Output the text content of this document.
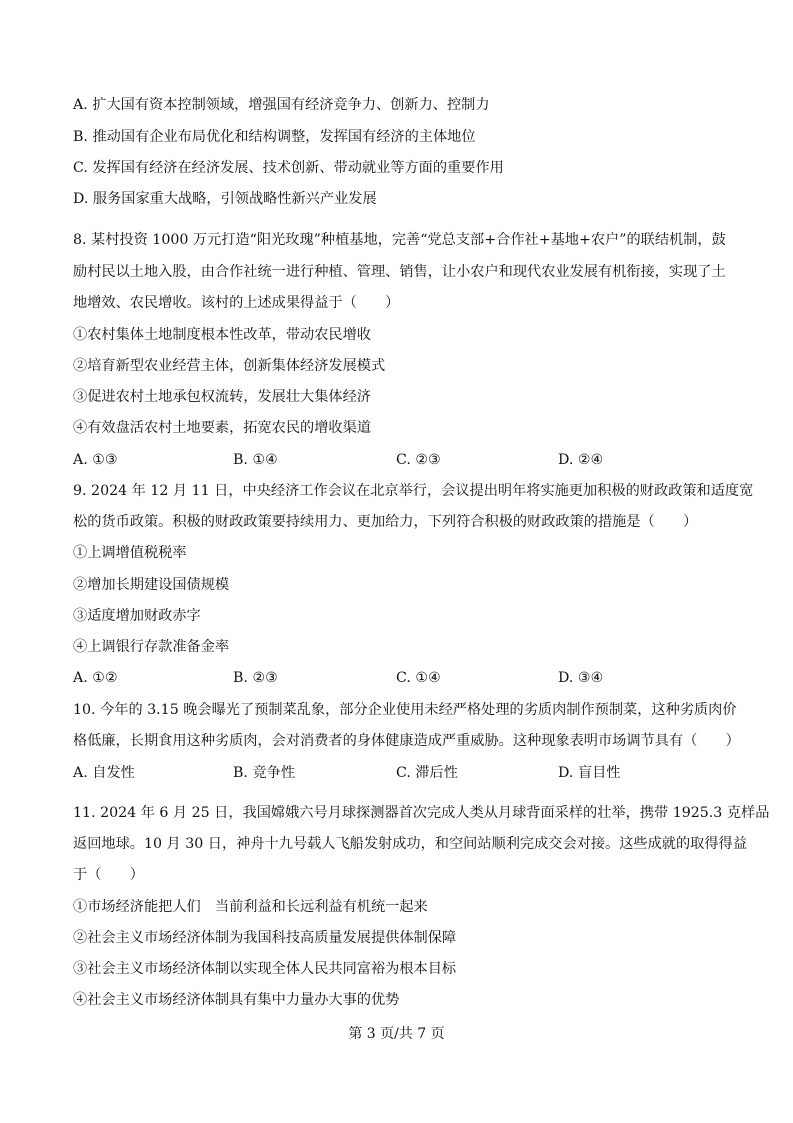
A. 扩大国有资本控制领域，增强国有经济竞争力、创新力、控制力
B. 推动国有企业布局优化和结构调整，发挥国有经济的主体地位
C. 发挥国有经济在经济发展、技术创新、带动就业等方面的重要作用
D. 服务国家重大战略，引领战略性新兴产业发展
8. 某村投资 1000 万元打造“阳光玫瑰”种植基地，完善“党总支部+合作社+基地+农户”的联结机制，鼓
励村民以土地入股，由合作社统一进行种植、管理、销售，让小农户和现代农业发展有机衔接，实现了土
地增效、农民增收。该村的上述成果得益于（　　）
①农村集体土地制度根本性改革，带动农民增收
②培育新型农业经营主体，创新集体经济发展模式
③促进农村土地承包权流转，发展壮大集体经济
④有效盘活农村土地要素，拓宽农民的增收渠道
A. ①③	B. ①④	C. ②③	D. ②④
9. 2024 年 12 月 11 日，中央经济工作会议在北京举行，会议提出明年将实施更加积极的财政政策和适度宽
松的货币政策。积极的财政政策要持续用力、更加给力，下列符合积极的财政政策的措施是（　　）
①上调增值税税率
②增加长期建设国债规模
③适度增加财政赤字
④上调银行存款准备金率
A. ①②	B. ②③	C. ①④	D. ③④
10. 今年的 3.15 晚会曝光了预制菜乱象，部分企业使用未经严格处理的劣质肉制作预制菜，这种劣质肉价
格低廉，长期食用这种劣质肉，会对消费者的身体健康造成严重威胁。这种现象表明市场调节具有（　　）
A. 自发性	B. 竞争性	C. 滞后性	D. 盲目性
11. 2024 年 6 月 25 日，我国嫦娥六号月球探测器首次完成人类从月球背面采样的壮举，携带 1925.3 克样品
返回地球。10 月 30 日，神舟十九号载人飞船发射成功，和空间站顺利完成交会对接。这些成就的取得得益
于（　　）
①市场经济能把人们　当前利益和长远利益有机统一起来
②社会主义市场经济体制为我国科技高质量发展提供体制保障
③社会主义市场经济体制以实现全体人民共同富裕为根本目标
④社会主义市场经济体制具有集中力量办大事的优势
第 3 页/共 7 页
